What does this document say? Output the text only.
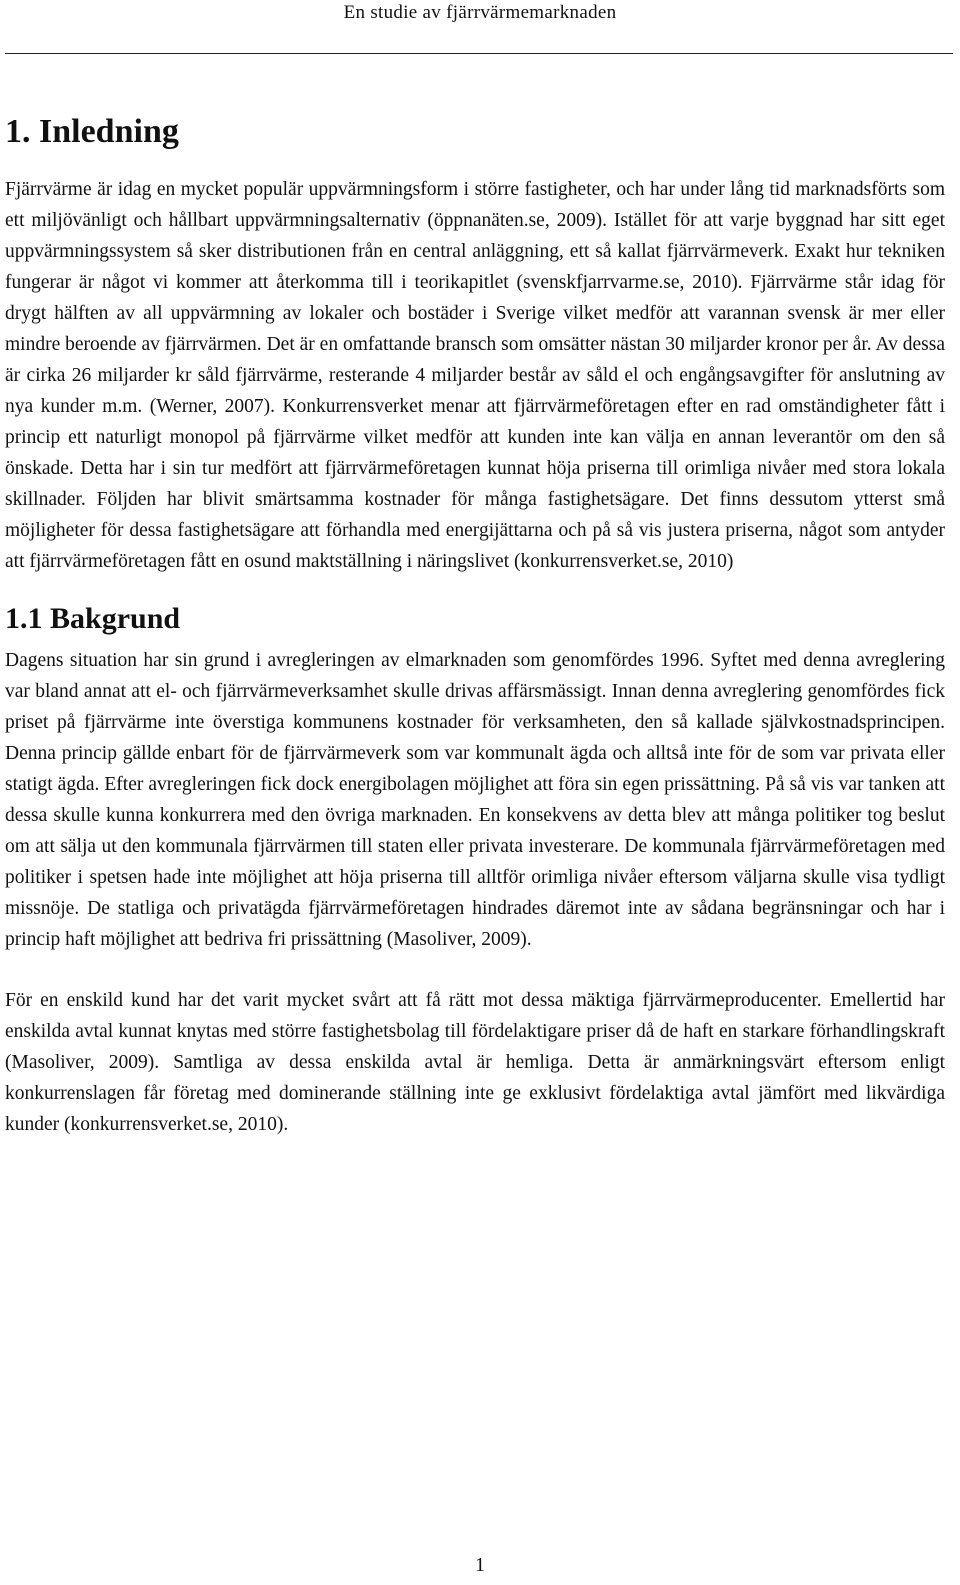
En studie av fjärrvärmemarknaden
1. Inledning

Fjärrvärme är idag en mycket populär uppvärmningsform i större fastigheter, och har under lång tid marknadsförts som ett miljövänligt och hållbart uppvärmningsalternativ (öppnanäten.se, 2009). Istället för att varje byggnad har sitt eget uppvärmningssystem så sker distributionen från en central anläggning, ett så kallat fjärrvärmeverk. Exakt hur tekniken fungerar är något vi kommer att återkomma till i teorikapitlet (svenskfjarrvarme.se, 2010). Fjärrvärme står idag för drygt hälften av all uppvärmning av lokaler och bostäder i Sverige vilket medför att varannan svensk är mer eller mindre beroende av fjärrvärmen. Det är en omfattande bransch som omsätter nästan 30 miljarder kronor per år. Av dessa är cirka 26 miljarder kr såld fjärrvärme, resterande 4 miljarder består av såld el och engångsavgifter för anslutning av nya kunder m.m. (Werner, 2007). Konkurrensverket menar att fjärrvärmeföretagen efter en rad omständigheter fått i princip ett naturligt monopol på fjärrvärme vilket medför att kunden inte kan välja en annan leverantör om den så önskade. Detta har i sin tur medfört att fjärrvärmeföretagen kunnat höja priserna till orimliga nivåer med stora lokala skillnader. Följden har blivit smärtsamma kostnader för många fastighetsägare. Det finns dessutom ytterst små möjligheter för dessa fastighetsägare att förhandla med energijättarna och på så vis justera priserna, något som antyder att fjärrvärmeföretagen fått en osund maktställning i näringslivet (konkurrensverket.se, 2010)

1.1 Bakgrund

Dagens situation har sin grund i avregleringen av elmarknaden som genomfördes 1996. Syftet med denna avreglering var bland annat att el- och fjärrvärmeverksamhet skulle drivas affärsmässigt. Innan denna avreglering genomfördes fick priset på fjärrvärme inte överstiga kommunens kostnader för verksamheten, den så kallade självkostnadsprincipen. Denna princip gällde enbart för de fjärrvärmeverk som var kommunalt ägda och alltså inte för de som var privata eller statigt ägda. Efter avregleringen fick dock energibolagen möjlighet att föra sin egen prissättning. På så vis var tanken att dessa skulle kunna konkurrera med den övriga marknaden. En konsekvens av detta blev att många politiker tog beslut om att sälja ut den kommunala fjärrvärmen till staten eller privata investerare. De kommunala fjärrvärmeföretagen med politiker i spetsen hade inte möjlighet att höja priserna till alltför orimliga nivåer eftersom väljarna skulle visa tydligt missnöje. De statliga och privatägda fjärrvärmeföretagen hindrades däremot inte av sådana begränsningar och har i princip haft möjlighet att bedriva fri prissättning (Masoliver, 2009).

För en enskild kund har det varit mycket svårt att få rätt mot dessa mäktiga fjärrvärmeproducenter. Emellertid har enskilda avtal kunnat knytas med större fastighetsbolag till fördelaktigare priser då de haft en starkare förhandlingskraft (Masoliver, 2009). Samtliga av dessa enskilda avtal är hemliga. Detta är anmärkningsvärt eftersom enligt konkurrenslagen får företag med dominerande ställning inte ge exklusivt fördelaktiga avtal jämfört med likvärdiga kunder (konkurrensverket.se, 2010).

1
